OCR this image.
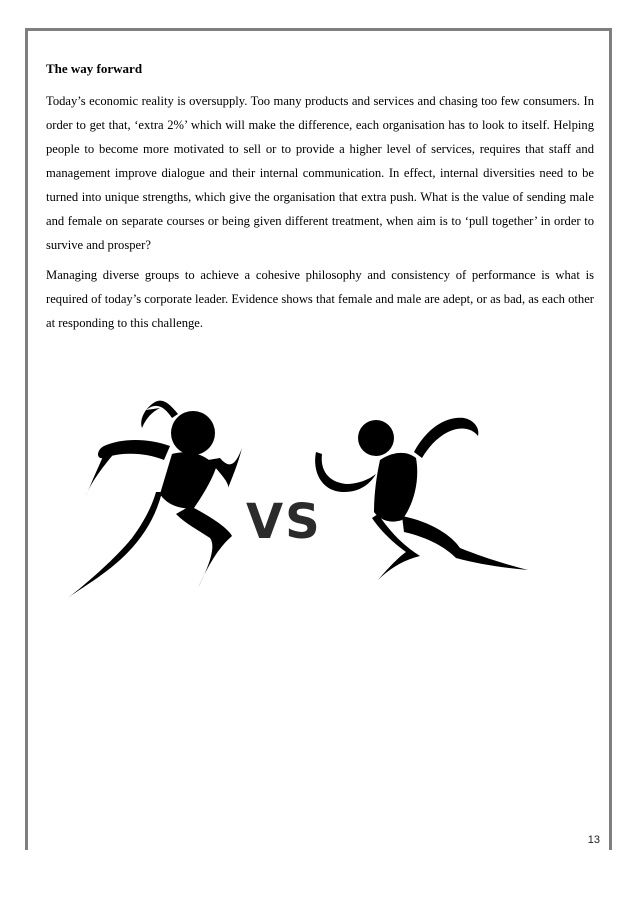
The way forward

Today’s economic reality is oversupply. Too many products and services and chasing too few consumers. In order to get that, ‘extra 2%’ which will make the difference, each organisation has to look to itself. Helping people to become more motivated to sell or to provide a higher level of services, requires that staff and management improve dialogue and their internal communication. In effect, internal diversities need to be turned into unique strengths, which give the organisation that extra push. What is the value of sending male and female on separate courses or being given different treatment, when aim is to ‘pull together’ in order to survive and prosper?

Managing diverse groups to achieve a cohesive philosophy and consistency of performance is what is required of today’s corporate leader. Evidence shows that female and male are adept, or as bad, as each other at responding to this challenge.

VS
13
